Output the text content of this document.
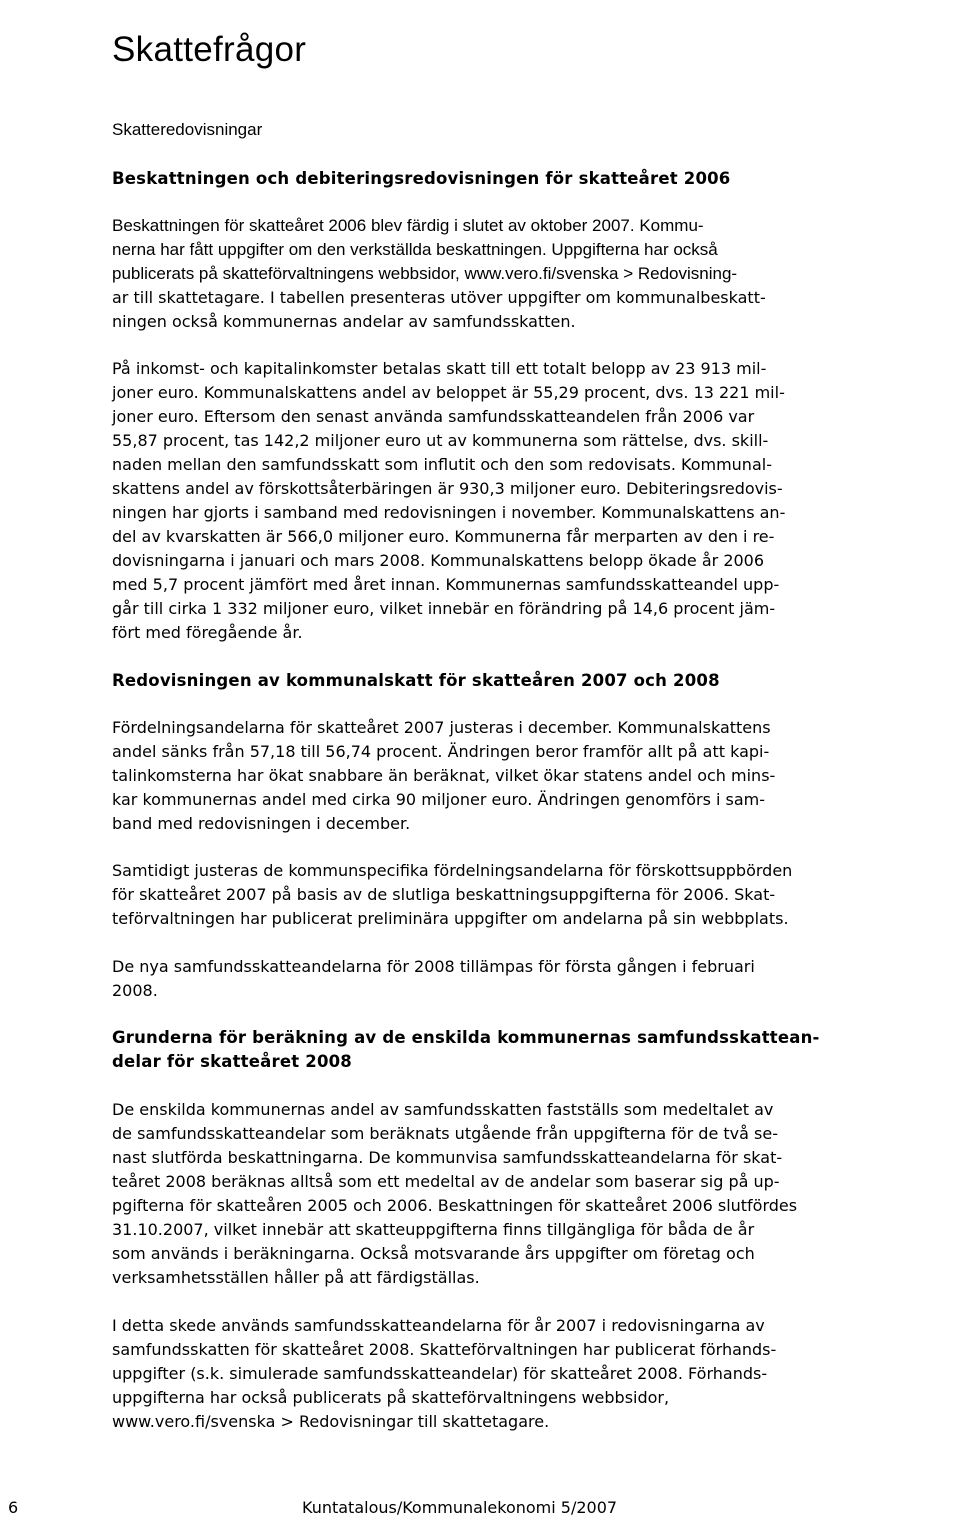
Skattefrågor
Skatteredovisningar
Beskattningen och debiteringsredovisningen för skatteåret 2006
Beskattningen för skatteåret 2006 blev färdig i slutet av oktober 2007. Kommu-
nerna har fått uppgifter om den verkställda beskattningen. Uppgifterna har också
publicerats på skatteförvaltningens webbsidor, www.vero.fi/svenska > Redovisning-
ar till skattetagare. I tabellen presenteras utöver uppgifter om kommunalbeskatt-
ningen också kommunernas andelar av samfundsskatten.
På inkomst- och kapitalinkomster betalas skatt till ett totalt belopp av 23 913 mil-
joner euro. Kommunalskattens andel av beloppet är 55,29 procent, dvs. 13 221 mil-
joner euro. Eftersom den senast använda samfundsskatteandelen från 2006 var
55,87 procent, tas 142,2 miljoner euro ut av kommunerna som rättelse, dvs. skill-
naden mellan den samfundsskatt som influtit och den som redovisats. Kommunal-
skattens andel av förskottsåterbäringen är 930,3 miljoner euro. Debiteringsredovis-
ningen har gjorts i samband med redovisningen i november. Kommunalskattens an-
del av kvarskatten är 566,0 miljoner euro. Kommunerna får merparten av den i re-
dovisningarna i januari och mars 2008. Kommunalskattens belopp ökade år 2006
med 5,7 procent jämfört med året innan. Kommunernas samfundsskatteandel upp-
går till cirka 1 332 miljoner euro, vilket innebär en förändring på 14,6 procent jäm-
fört med föregående år.
Redovisningen av kommunalskatt för skatteåren 2007 och 2008
Fördelningsandelarna för skatteåret 2007 justeras i december. Kommunalskattens
andel sänks från 57,18 till 56,74 procent. Ändringen beror framför allt på att kapi-
talinkomsterna har ökat snabbare än beräknat, vilket ökar statens andel och mins-
kar kommunernas andel med cirka 90 miljoner euro. Ändringen genomförs i sam-
band med redovisningen i december.
Samtidigt justeras de kommunspecifika fördelningsandelarna för förskottsuppbörden
för skatteåret 2007 på basis av de slutliga beskattningsuppgifterna för 2006. Skat-
teförvaltningen har publicerat preliminära uppgifter om andelarna på sin webbplats.
De nya samfundsskatteandelarna för 2008 tillämpas för första gången i februari
2008.
Grunderna för beräkning av de enskilda kommunernas samfundsskattean-
delar för skatteåret 2008
De enskilda kommunernas andel av samfundsskatten fastställs som medeltalet av
de samfundsskatteandelar som beräknats utgående från uppgifterna för de två se-
nast slutförda beskattningarna. De kommunvisa samfundsskatteandelarna för skat-
teåret 2008 beräknas alltså som ett medeltal av de andelar som baserar sig på up-
pgifterna för skatteåren 2005 och 2006. Beskattningen för skatteåret 2006 slutfördes
31.10.2007, vilket innebär att skatteuppgifterna finns tillgängliga för båda de år
som används i beräkningarna. Också motsvarande års uppgifter om företag och
verksamhetsställen håller på att färdigställas.
I detta skede används samfundsskatteandelarna för år 2007 i redovisningarna av
samfundsskatten för skatteåret 2008. Skatteförvaltningen har publicerat förhands-
uppgifter (s.k. simulerade samfundsskatteandelar) för skatteåret 2008. Förhands-
uppgifterna har också publicerats på skatteförvaltningens webbsidor,
www.vero.fi/svenska > Redovisningar till skattetagare.
6	Kuntatalous/Kommunalekonomi 5/2007
